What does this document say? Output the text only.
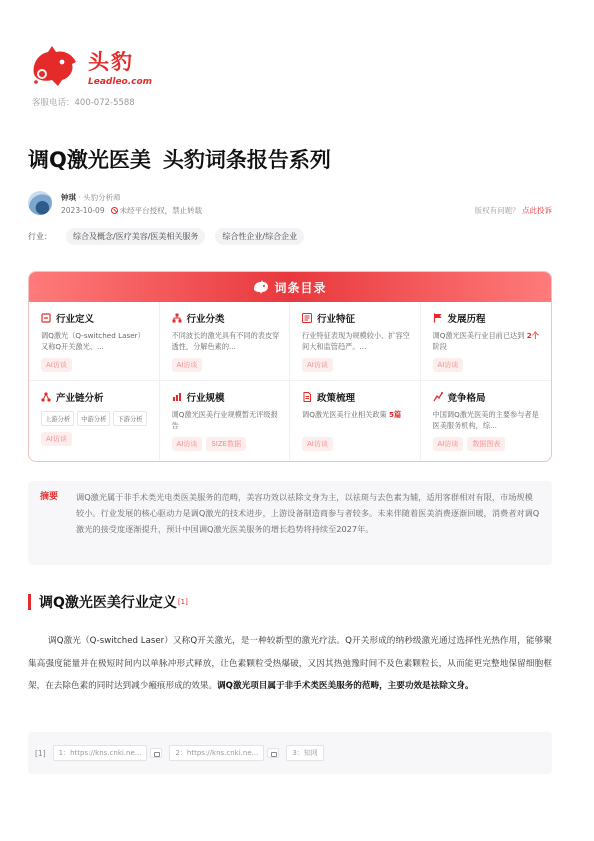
头豹
Leadleo.com
客服电话：400-072-5588
调Q激光医美 头豹词条报告系列
钟琪 · 头豹分析师
2023-10-09 未经平台授权，禁止转载	版权有问题？ 点此投诉
行业：	综合及概念/医疗美容/医美相关服务	综合性企业/综合企业
词条目录
行业定义
调Q激光（Q-switched Laser）又称Q开关激光、...
AI访谈
行业分类
不同波长的激光具有不同的表皮穿透性，分解色素的...
AI访谈
行业特征
行业特征表现为规模较小、扩容空间大和监管趋严。...
AI访谈
发展历程
调Q激光医美行业目前已达到 2个阶段
AI访谈
产业链分析
上游分析	中游分析	下游分析
AI访谈
行业规模
调Q激光医美行业规模暂无评级报告
AI访谈	SIZE数据
政策梳理
调Q激光医美行业相关政策 5篇
AI访谈
竞争格局
中国调Q激光医美的主要参与者是医美服务机构，综...
AI访谈	数据图表
摘要	调Q激光属于非手术类光电类医美服务的范畴，美容功效以祛除文身为主，以祛斑与去色素为辅，适用客群相对有限，市场规模较小。行业发展的核心驱动力是调Q激光的技术进步，上游设备制造商参与者较多。未来伴随着医美消费逐渐回暖，消费者对调Q激光的接受度逐渐提升，预计中国调Q激光医美服务的增长趋势将持续至2027年。
调Q激光医美行业定义 [1]
调Q激光（Q-switched Laser）又称Q开关激光，是一种较新型的激光疗法。Q开关形成的纳秒级激光通过选择性光热作用，能够聚集高强度能量并在极短时间内以单脉冲形式释放，让色素颗粒受热爆破，又因其热弛豫时间不及色素颗粒长，从而能更完整地保留细胞框架，在去除色素的同时达到减少瘢痕形成的效果。调Q激光项目属于非手术类医美服务的范畴，主要功效是祛除文身。
[1]	1：https://kns.cnki.ne...	2：https://kns.cnki.ne...	3：知网
